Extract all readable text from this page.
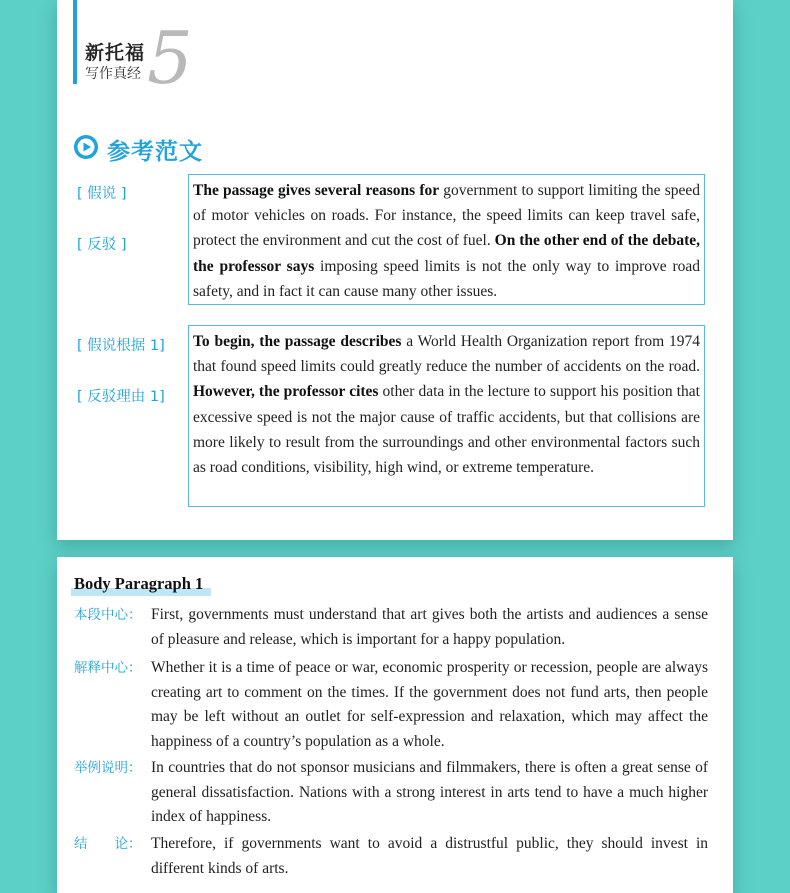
新托福
写作真经 5
参考范文
[ 假说 ]
[ 反驳 ]

The passage gives several reasons for government to support limiting the speed of motor vehicles on roads. For instance, the speed limits can keep travel safe, protect the environment and cut the cost of fuel. On the other end of the debate, the professor says imposing speed limits is not the only way to improve road safety, and in fact it can cause many other issues.

[ 假说根据 1]
[ 反驳理由 1]

To begin, the passage describes a World Health Organization report from 1974 that found speed limits could greatly reduce the number of accidents on the road. However, the professor cites other data in the lecture to support his position that excessive speed is not the major cause of traffic accidents, but that collisions are more likely to result from the surroundings and other environmental factors such as road conditions, visibility, high wind, or extreme temperature.

Body Paragraph 1
本段中心： First, governments must understand that art gives both the artists and audiences a sense of pleasure and release, which is important for a happy population.
解释中心： Whether it is a time of peace or war, economic prosperity or recession, people are always creating art to comment on the times. If the government does not fund arts, then people may be left without an outlet for self-expression and relaxation, which may affect the happiness of a country’s population as a whole.
举例说明： In countries that do not sponsor musicians and filmmakers, there is often a great sense of general dissatisfaction. Nations with a strong interest in arts tend to have a much higher index of happiness.
结　　论： Therefore, if governments want to avoid a distrustful public, they should invest in different kinds of arts.
